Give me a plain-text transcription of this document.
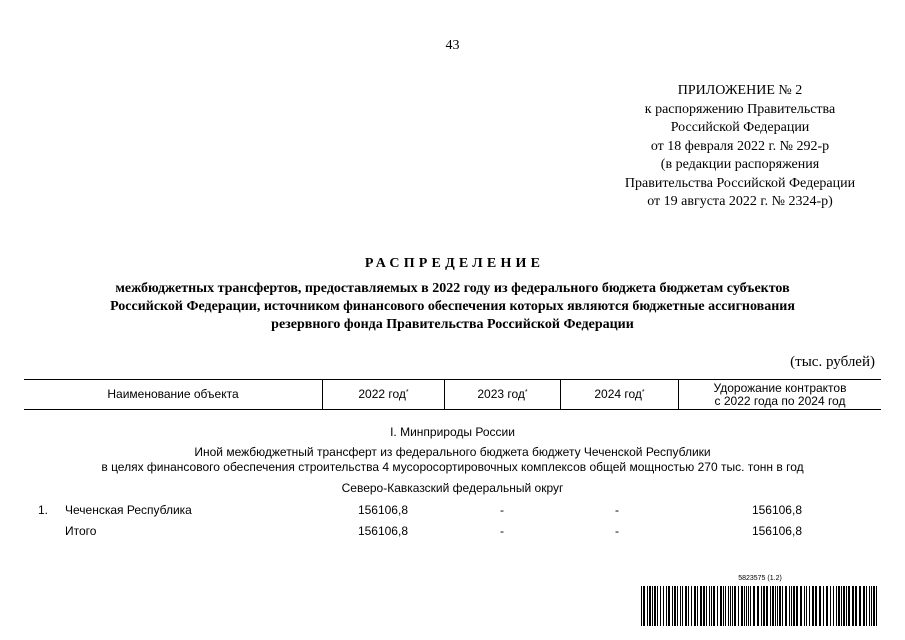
43
ПРИЛОЖЕНИЕ № 2
к распоряжению Правительства
Российской Федерации
от 18 февраля 2022 г. № 292-р
(в редакции распоряжения
Правительства Российской Федерации
от 19 августа 2022 г. № 2324-р)
РАСПРЕДЕЛЕНИЕ
межбюджетных трансфертов, предоставляемых в 2022 году из федерального бюджета бюджетам субъектов
Российской Федерации, источником финансового обеспечения которых являются бюджетные ассигнования
резервного фонда Правительства Российской Федерации
(тыс. рублей)
Наименование объекта	2022 год*	2023 год*	2024 год*	Удорожание контрактов
с 2022 года по 2024 год
I. Минприроды России
Иной межбюджетный трансферт из федерального бюджета бюджету Чеченской Республики
в целях финансового обеспечения строительства 4 мусоросортировочных комплексов общей мощностью 270 тыс. тонн в год
Северо-Кавказский федеральный округ
1. Чеченская Республика	156106,8	-	-	156106,8
Итого	156106,8	-	-	156106,8
5823575 (1.2)
